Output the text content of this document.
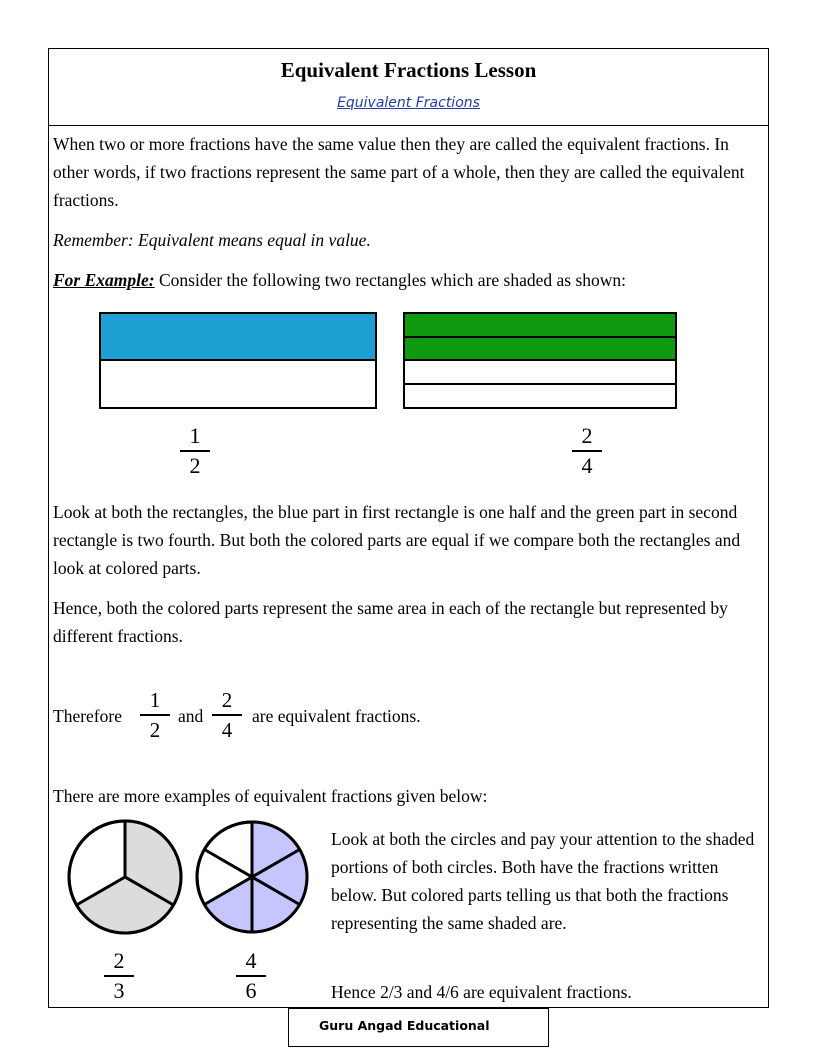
Equivalent Fractions Lesson
Equivalent Fractions

When two or more fractions have the same value then they are called the equivalent fractions. In other words, if two fractions represent the same part of a whole, then they are called the equivalent fractions.

Remember: Equivalent means equal in value.

For Example: Consider the following two rectangles which are shaded as shown:

1
2
2
4

Look at both the rectangles, the blue part in first rectangle is one half and the green part in second rectangle is two fourth. But both the colored parts are equal if we compare both the rectangles and look at colored parts.

Hence, both the colored parts represent the same area in each of the rectangle but represented by different fractions.

Therefore
1
2
and
2
4
are equivalent fractions.

There are more examples of equivalent fractions given below:

2
3
4
6

Look at both the circles and pay your attention to the shaded portions of both circles. Both have the fractions written below. But colored parts telling us that both the fractions representing the same shaded are.

Hence 2/3 and 4/6 are equivalent fractions.

Guru Angad Educational
